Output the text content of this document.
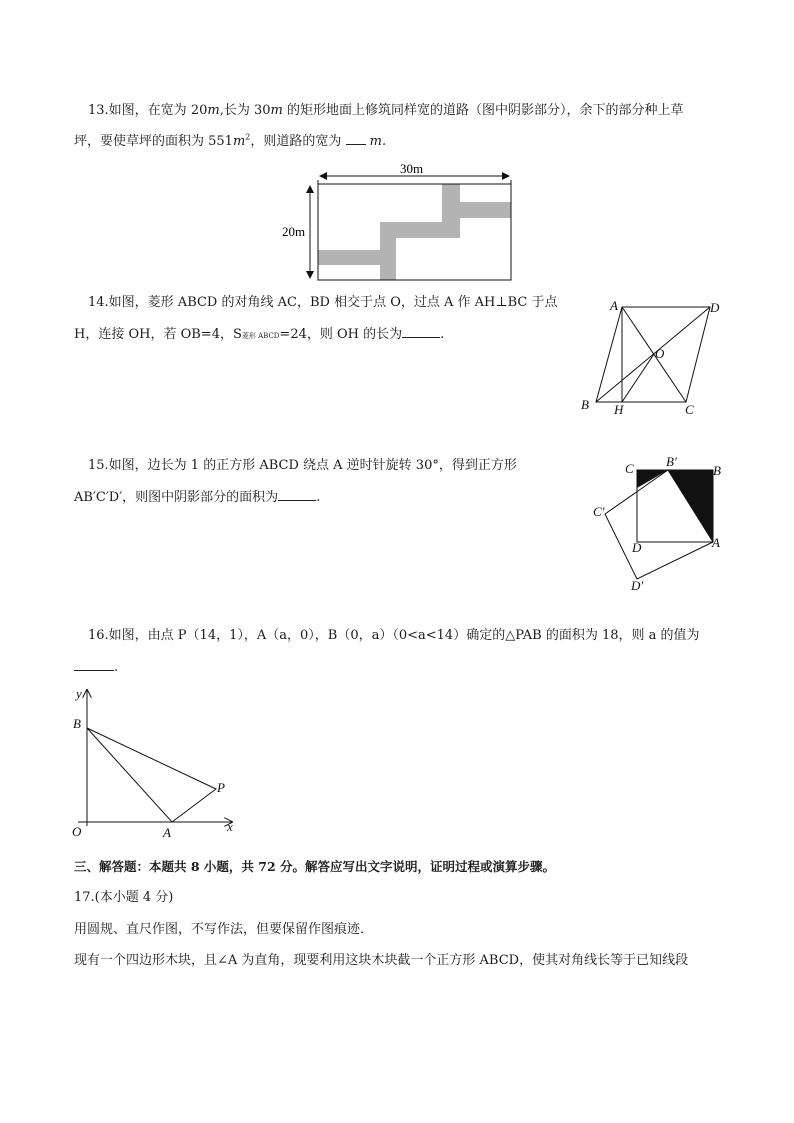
13.如图，在宽为 20m,长为 30m 的矩形地面上修筑同样宽的道路（图中阴影部分），余下的部分种上草
坪，要使草坪的面积为 $551m^2$，则道路的宽为  m.
30m
20m
14.如图，菱形 ABCD 的对角线 AC，BD 相交于点 O，过点 A 作 AH⊥BC 于点
H，连接 OH，若 OB=4，S菱形 ABCD=24，则 OH 的长为	.
A	D
B H	C
O
15.如图，边长为 1 的正方形 ABCD 绕点 A 逆时针旋转 30°，得到正方形
AB′C′D′，则图中阴影部分的面积为	.
C B′
B
C′
D	A
D′
16.如图，由点 P（14，1），A（a，0），B（0，a）（0<a<14）确定的△PAB 的面积为 18，则 a 的值为
.
y
B
P
O	A	x
三、解答题：本题共 8 小题，共 72 分。解答应写出文字说明，证明过程或演算步骤。
17.(本小题 4 分)
用圆规、直尺作图，不写作法，但要保留作图痕迹．
现有一个四边形木块，且∠A 为直角，现要利用这块木块截一个正方形 ABCD，使其对角线长等于已知线段
